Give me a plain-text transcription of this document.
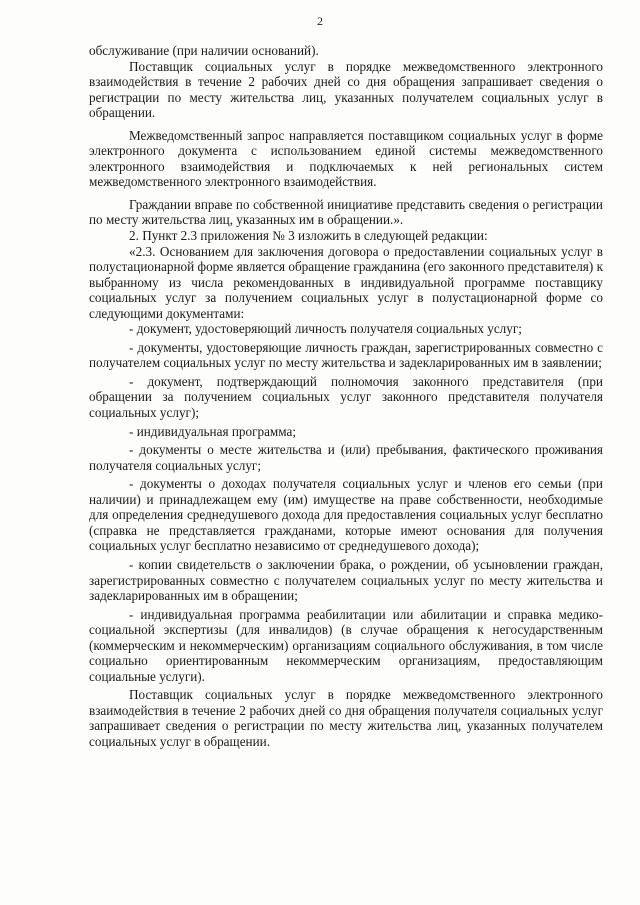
2

обслуживание (при наличии оснований).

Поставщик социальных услуг в порядке межведомственного электронного взаимодействия в течение 2 рабочих дней со дня обращения запрашивает сведения о регистрации по месту жительства лиц, указанных получателем социальных услуг в обращении.

Межведомственный запрос направляется поставщиком социальных услуг в форме электронного документа с использованием единой системы межведомственного электронного взаимодействия и подключаемых к ней региональных систем межведомственного электронного взаимодействия.

Граждании вправе по собственной инициативе представить сведения о регистрации по месту жительства лиц, указанных им в обращении.».

2. Пункт 2.3 приложения № 3 изложить в следующей редакции:

«2.3. Основанием для заключения договора о предоставлении социальных услуг в полустационарной форме является обращение гражданина (его законного представителя) к выбранному из числа рекомендованных в индивидуальной программе поставщику социальных услуг за получением социальных услуг в полустационарной форме со следующими документами:

- документ, удостоверяющий личность получателя социальных услуг;

- документы, удостоверяющие личность граждан, зарегистрированных совместно с получателем социальных услуг по месту жительства и задекларированных им в заявлении;

- документ, подтверждающий полномочия законного представителя (при обращении за получением социальных услуг законного представителя получателя социальных услуг);

- индивидуальная программа;

- документы о месте жительства и (или) пребывания, фактического проживания получателя социальных услуг;

- документы о доходах получателя социальных услуг и членов его семьи (при наличии) и принадлежащем ему (им) имуществе на праве собственности, необходимые для определения среднедушевого дохода для предоставления социальных услуг бесплатно (справка не представляется гражданами, которые имеют основания для получения социальных услуг бесплатно независимо от среднедушевого дохода);

- копии свидетельств о заключении брака, о рождении, об усыновлении граждан, зарегистрированных совместно с получателем социальных услуг по месту жительства и задекларированных им в обращении;

- индивидуальная программа реабилитации или абилитации и справка медико-социальной экспертизы (для инвалидов) (в случае обращения к негосударственным (коммерческим и некоммерческим) организациям социального обслуживания, в том числе социально ориентированным некоммерческим организациям, предоставляющим социальные услуги).

Поставщик социальных услуг в порядке межведомственного электронного взаимодействия в течение 2 рабочих дней со дня обращения получателя социальных услуг запрашивает сведения о регистрации по месту жительства лиц, указанных получателем социальных услуг в обращении.
